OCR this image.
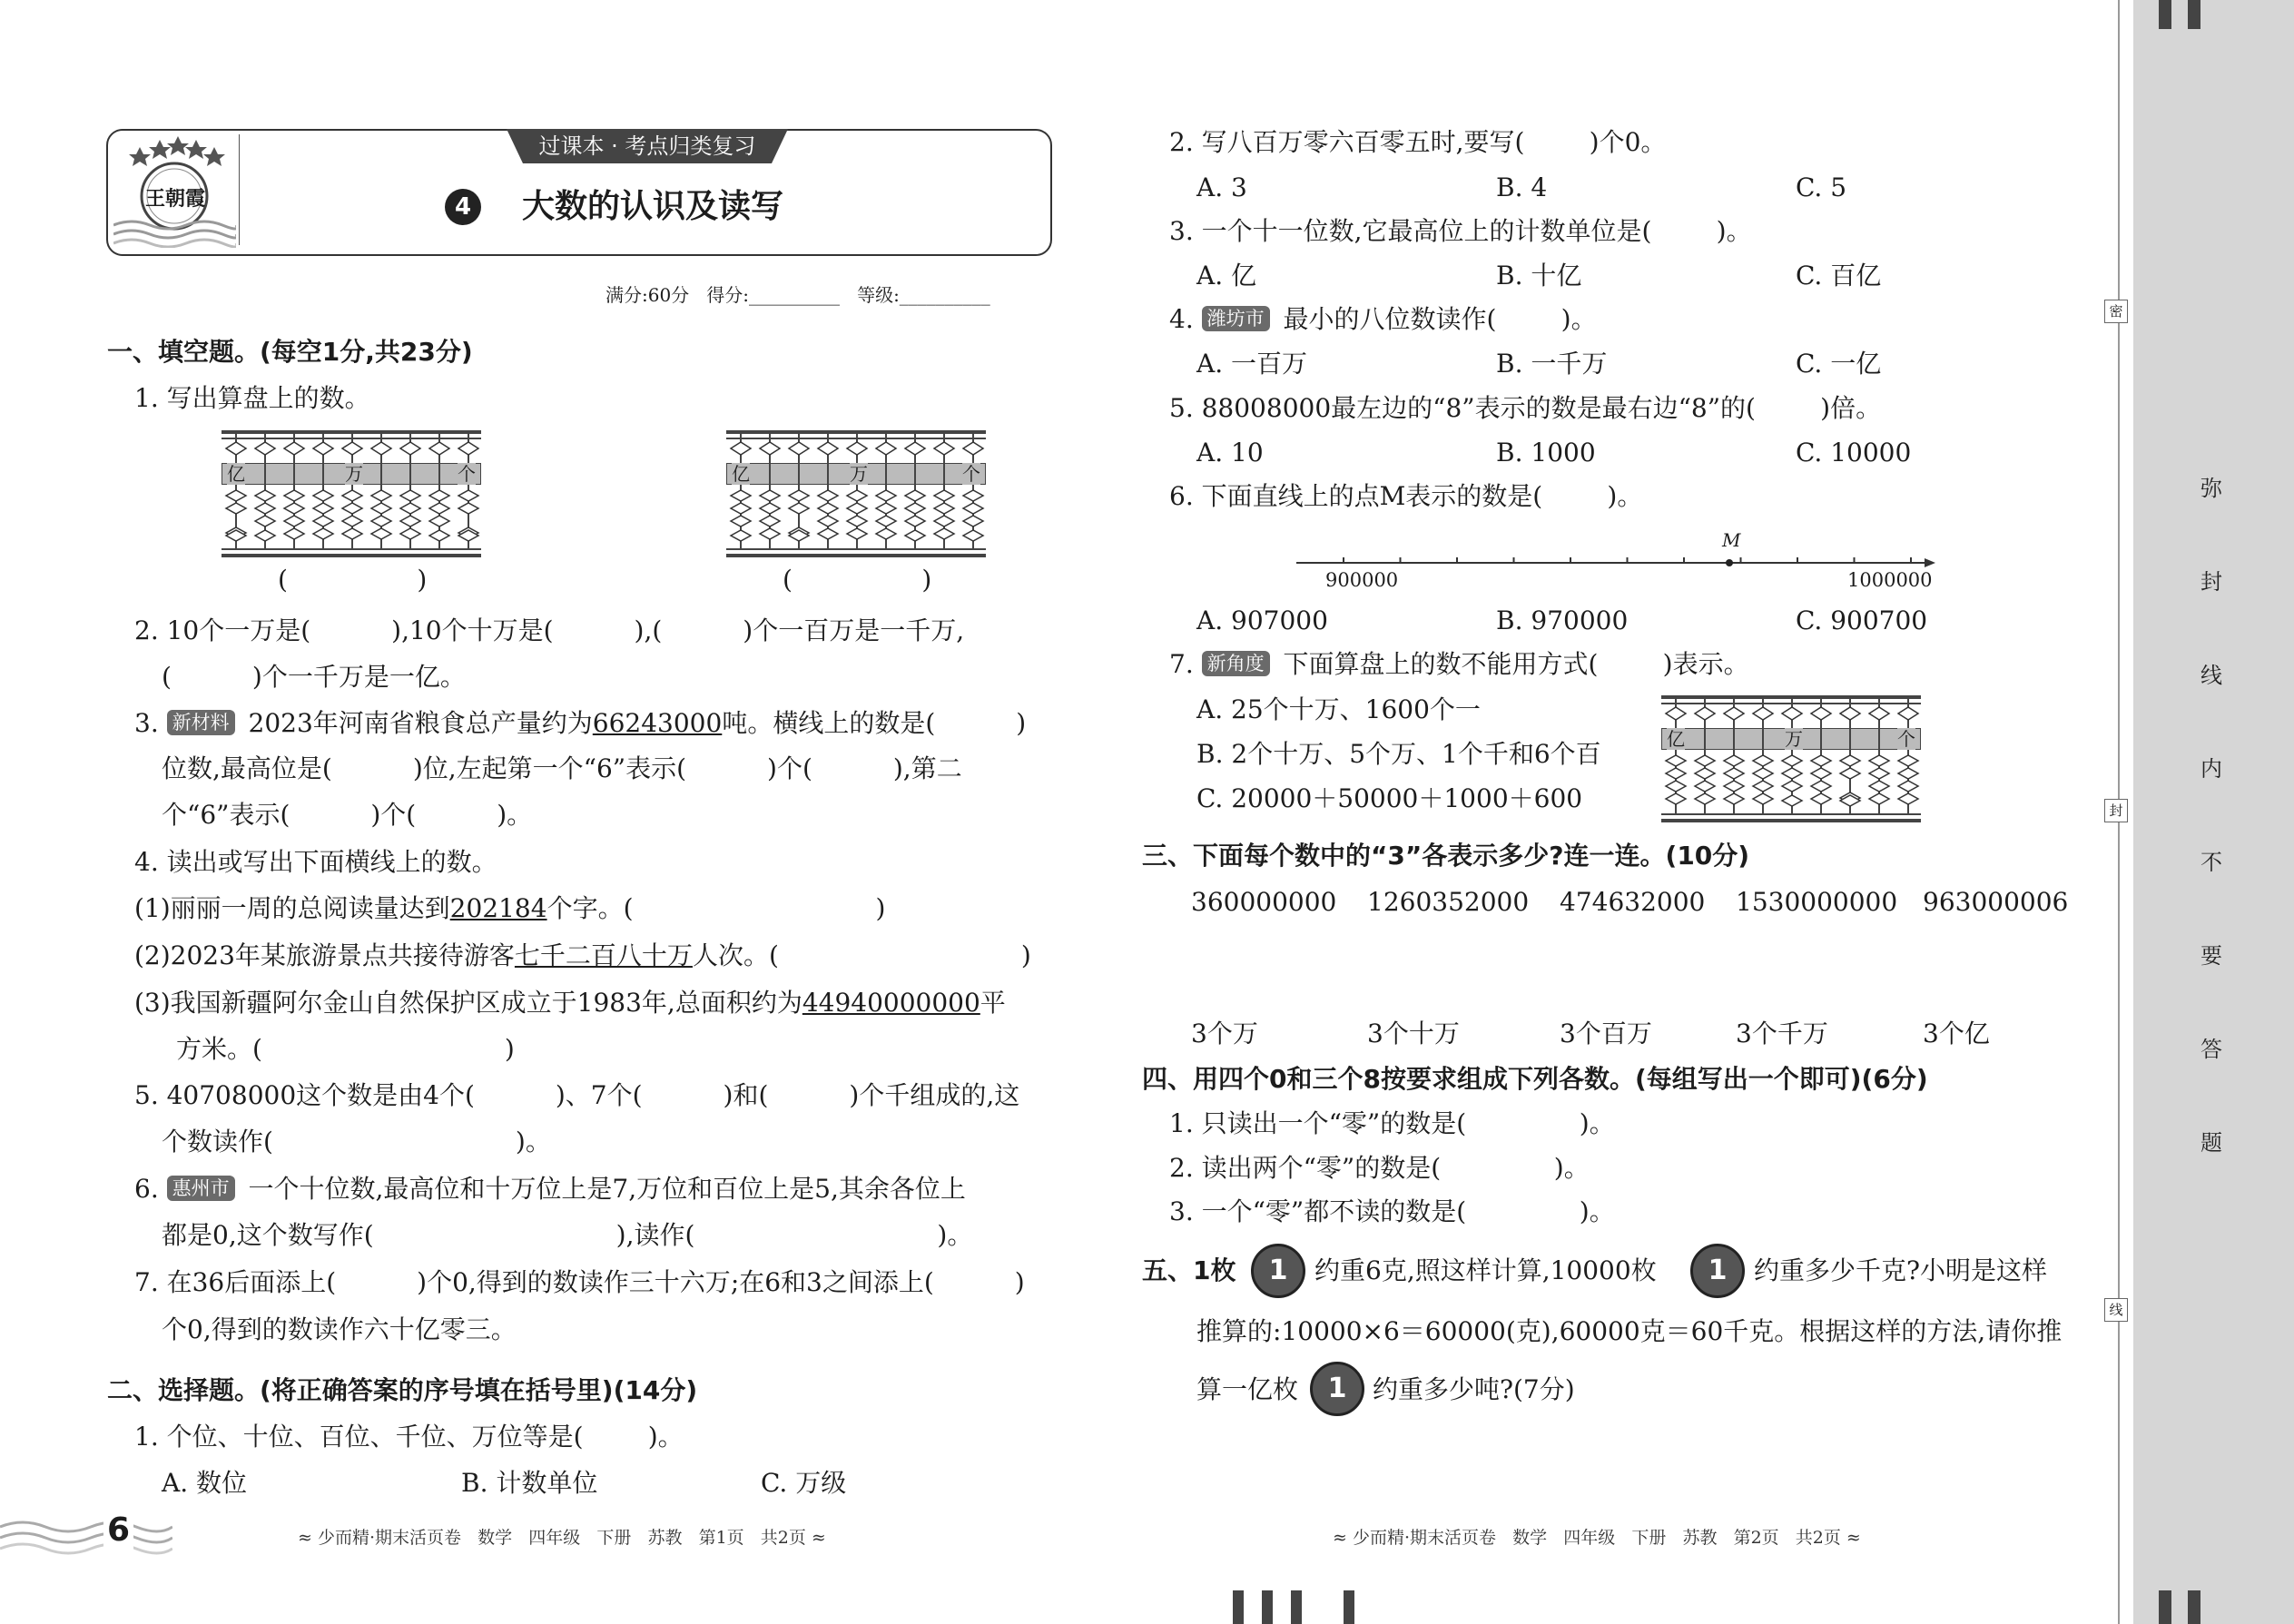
王朝霞
过课本 · 考点归类复习
4	大数的认识及读写
满分:60分   得分:__________   等级:__________
一、填空题。(每空1分,共23分)
1. 写出算盘上的数。
亿	万	个
(                )
亿	万	个
(                )
2. 10个一万是(          ),10个十万是(          ),(          )个一百万是一千万,
(          )个一千万是一亿。
3. 新材料 2023年河南省粮食总产量约为66243000吨。横线上的数是(          )
位数,最高位是(          )位,左起第一个“6”表示(          )个(          ),第二
个“6”表示(          )个(          )。
4. 读出或写出下面横线上的数。
(1)丽丽一周的总阅读量达到202184个字。(                              )
(2)2023年某旅游景点共接待游客七千二百八十万人次。(                              )
(3)我国新疆阿尔金山自然保护区成立于1983年,总面积约为44940000000平
方米。(                              )
5. 40708000这个数是由4个(          )、7个(          )和(          )个千组成的,这
个数读作(                              )。
6. 惠州市 一个十位数,最高位和十万位上是7,万位和百位上是5,其余各位上
都是0,这个数写作(                              ),读作(                              )。
7. 在36后面添上(          )个0,得到的数读作三十六万;在6和3之间添上(          )
个0,得到的数读作六十亿零三。
二、选择题。(将正确答案的序号填在括号里)(14分)
1. 个位、十位、百位、千位、万位等是(        )。
A. 数位	B. 计数单位	C. 万级
2. 写八百万零六百零五时,要写(        )个0。
A. 3	B. 4	C. 5
3. 一个十一位数,它最高位上的计数单位是(        )。
A. 亿	B. 十亿	C. 百亿
4. 潍坊市 最小的八位数读作(        )。
A. 一百万	B. 一千万	C. 一亿
5. 88008000最左边的“8”表示的数是最右边“8”的(        )倍。
A. 10	B. 1000	C. 10000
6. 下面直线上的点M表示的数是(        )。
M
900000	1000000
A. 907000	B. 970000	C. 900700
7. 新角度 下面算盘上的数不能用方式(        )表示。
A. 25个十万、1600个一
B. 2个十万、5个万、1个千和6个百
C. 20000＋50000＋1000＋600
亿	万	个
三、下面每个数中的“3”各表示多少?连一连。(10分)
360000000 1260352000 474632000 1530000000 963000006
3个万	3个十万	3个百万	3个千万	3个亿
四、用四个0和三个8按要求组成下列各数。(每组写出一个即可)(6分)
1. 只读出一个“零”的数是(              )。
2. 读出两个“零”的数是(              )。
3. 一个“零”都不读的数是(              )。
五、1枚	1	约重6克,照这样计算,10000枚	1	约重多少千克?小明是这样
推算的:10000×6＝60000(克),60000克＝60千克。根据这样的方法,请你推
算一亿枚	1	约重多少吨?(7分)
6	≈ 少而精·期末活页卷   数学   四年级   下册   苏教   第1页   共2页 ≈	≈ 少而精·期末活页卷   数学   四年级   下册   苏教   第2页   共2页 ≈
密
封
线
弥
封
线
内
不
要
答
题
